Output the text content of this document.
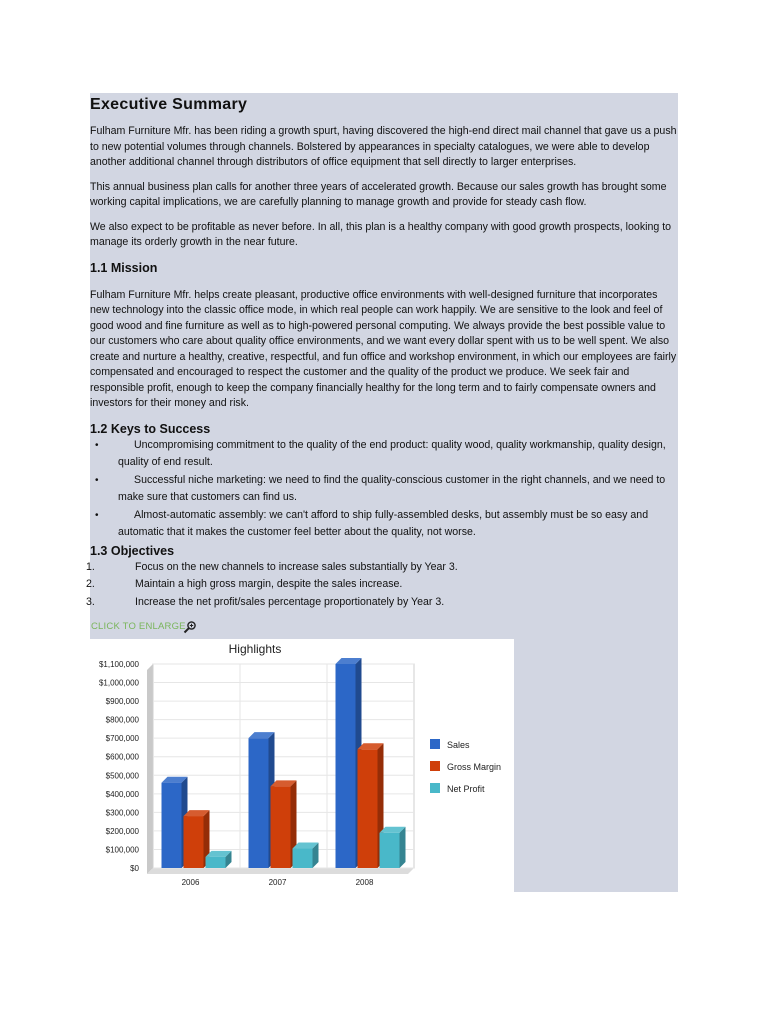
Executive Summary

Fulham Furniture Mfr. has been riding a growth spurt, having discovered the high-end direct mail channel that gave us a push to new potential volumes through channels. Bolstered by appearances in specialty catalogues, we were able to develop another additional channel through distributors of office equipment that sell directly to larger enterprises.

This annual business plan calls for another three years of accelerated growth. Because our sales growth has brought some working capital implications, we are carefully planning to manage growth and provide for steady cash flow.

We also expect to be profitable as never before. In all, this plan is a healthy company with good growth prospects, looking to manage its orderly growth in the near future.

1.1 Mission

Fulham Furniture Mfr. helps create pleasant, productive office environments with well-designed furniture that incorporates new technology into the classic office mode, in which real people can work happily. We are sensitive to the look and feel of good wood and fine furniture as well as to high-powered personal computing. We always provide the best possible value to our customers who care about quality office environments, and we want every dollar spent with us to be well spent. We also create and nurture a healthy, creative, respectful, and fun office and workshop environment, in which our employees are fairly compensated and encouraged to respect the customer and the quality of the product we produce. We seek fair and responsible profit, enough to keep the company financially healthy for the long term and to fairly compensate owners and investors for their money and risk.

1.2 Keys to Success
•	Uncompromising commitment to the quality of the end product: quality wood, quality workmanship, quality design, quality of end result.
•	Successful niche marketing: we need to find the quality-conscious customer in the right channels, and we need to make sure that customers can find us.
•	Almost-automatic assembly: we can't afford to ship fully-assembled desks, but assembly must be so easy and automatic that it makes the customer feel better about the quality, not worse.
1.3 Objectives
1.	Focus on the new channels to increase sales substantially by Year 3.
2.	Maintain a high gross margin, despite the sales increase.
3.	Increase the net profit/sales percentage proportionately by Year 3.
CLICK TO ENLARGE
Highlights
$0
$100,000
$200,000
$300,000
$400,000
$500,000
$600,000
$700,000
$800,000
$900,000
$1,000,000
$1,100,000
2006	2007	2008
Sales
Gross Margin
Net Profit
